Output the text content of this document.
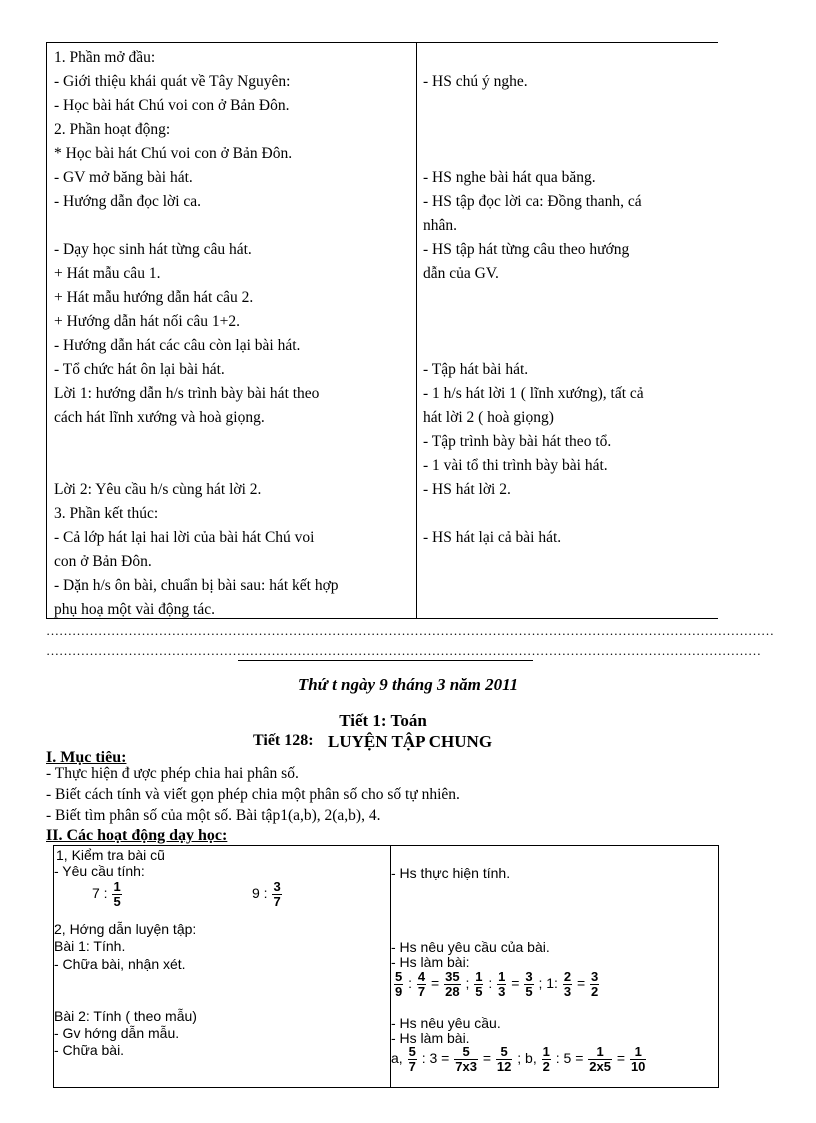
1. Phần mở đầu:
- Giới thiệu khái quát về Tây Nguyên:
- Học bài hát Chú voi con ở Bản Đôn.
2. Phần hoạt động:
* Học bài hát Chú voi con ở Bản Đôn.
- GV mở băng bài hát.
- Hướng dẫn đọc lời ca.
- Dạy học sinh hát từng câu hát.
+ Hát mẫu câu 1.
+ Hát mẫu hướng dẫn hát câu 2.
+ Hướng dẫn hát nối câu 1+2.
- Hướng dẫn hát các câu còn lại bài hát.
- Tổ chức hát ôn lại bài hát.
Lời 1: hướng dẫn h/s trình bày bài hát theo
cách hát lĩnh xướng và hoà giọng.
Lời 2: Yêu cầu h/s cùng hát lời 2.
3. Phần kết thúc:
- Cả lớp hát lại hai lời của bài hát Chú voi
con ở Bản Đôn.
- Dặn h/s ôn bài, chuẩn bị bài sau: hát kết hợp
phụ hoạ một vài động tác.
- HS chú ý nghe.
- HS nghe bài hát qua băng.
- HS tập đọc lời ca: Đồng thanh, cá
nhân.
- HS tập hát từng câu theo hướng
dẫn của GV.
- Tập hát bài hát.
- 1 h/s hát lời 1 ( lĩnh xướng), tất cả
hát lời 2 ( hoà giọng)
- Tập trình bày bài hát theo tổ.
- 1 vài tổ thi trình bày bài hát.
- HS hát lời 2.
- HS hát lại cả bài hát.
……………………………………………………………………………………………………………………………………………………
…………………………………………………………………………………………………………………………………………………
Thứ t ngày 9 tháng 3 năm 2011
Tiết 1: Toán
Tiết 128: LUYỆN TẬP CHUNG
I. Mục tiêu:
- Thực hiện đ ược phép chia hai phân số.
- Biết cách tính và viết gọn phép chia một phân số cho số tự nhiên.
- Biết tìm phân số của một số. Bài tập1(a,b), 2(a,b), 4.
II. Các hoạt động dạy học:
1, Kiểm tra bài cũ
- Yêu cầu tính:
7 : $\frac{1}{5}$	9 : $\frac{3}{7}$
2, Hớng dẫn luyện tập:
Bài 1: Tính.
- Chữa bài, nhận xét.
Bài 2: Tính ( theo mẫu)
- Gv hớng dẫn mẫu.
- Chữa bài.
- Hs thực hiện tính.
- Hs nêu yêu cầu của bài.
- Hs làm bài:
$\frac{5}{9}$ : $\frac{4}{7} = \frac{35}{28}$ ; $\frac{1}{5}$ : $\frac{1}{3} = \frac{3}{5}$ ; 1: $\frac{2}{3} = \frac{3}{2}$
- Hs nêu yêu cầu.
- Hs làm bài.
a, $\frac{5}{7}$ : $3 = \frac{5}{7x3} = \frac{5}{12}$ ; b, $\frac{1}{2}$ : $5 = \frac{1}{2x5} = \frac{1}{10}$
